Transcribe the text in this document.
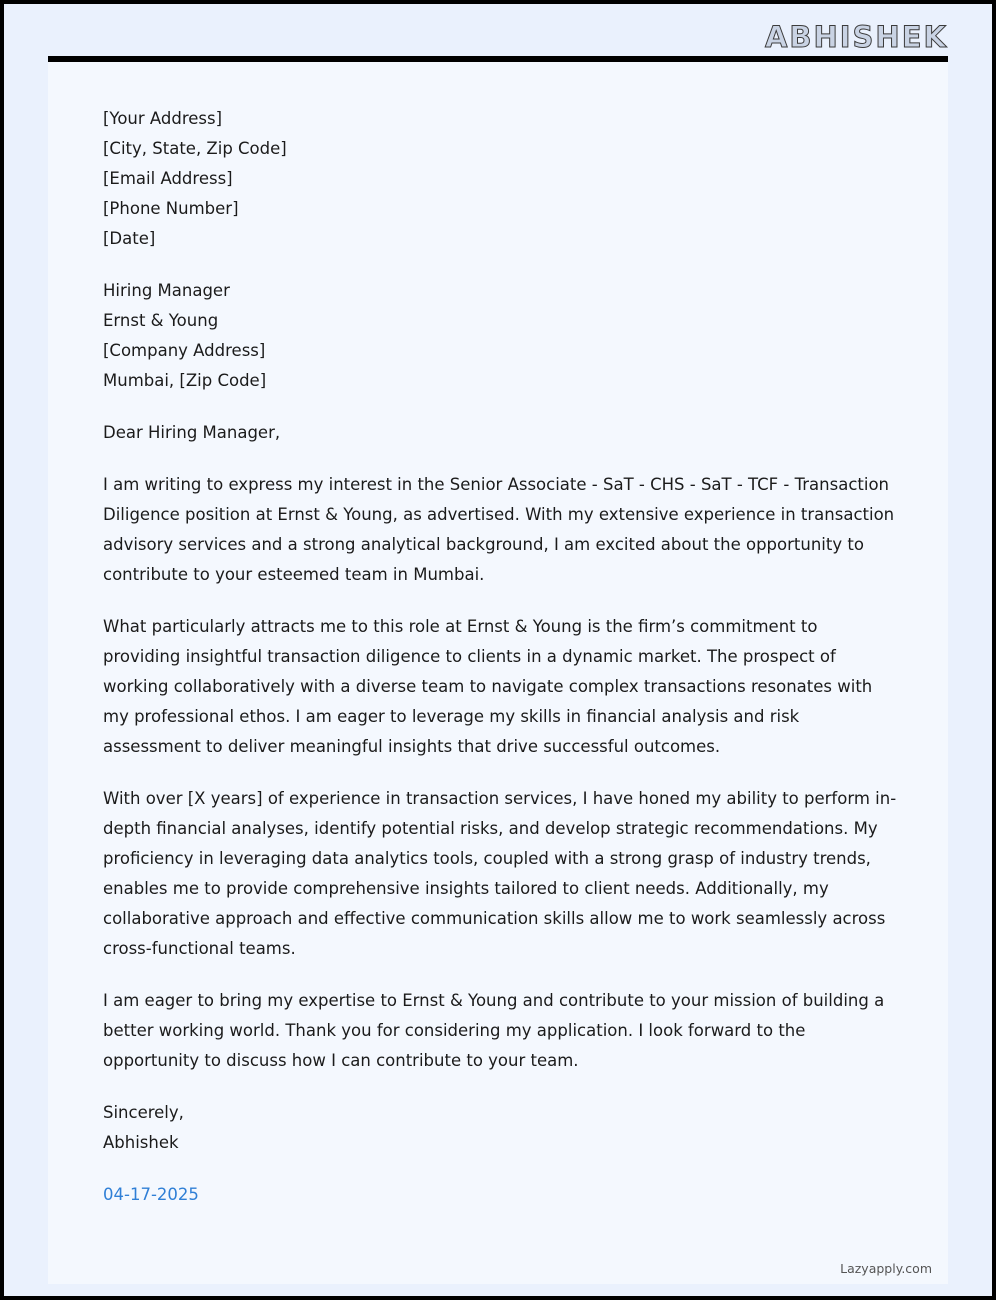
ABHISHEK
[Your Address]
[City, State, Zip Code]
[Email Address]
[Phone Number]
[Date]
Hiring Manager
Ernst & Young
[Company Address]
Mumbai, [Zip Code]

Dear Hiring Manager,

I am writing to express my interest in the Senior Associate - SaT - CHS - SaT - TCF - Transaction Diligence position at Ernst & Young, as advertised. With my extensive experience in transaction advisory services and a strong analytical background, I am excited about the opportunity to contribute to your esteemed team in Mumbai.

What particularly attracts me to this role at Ernst & Young is the firm’s commitment to providing insightful transaction diligence to clients in a dynamic market. The prospect of working collaboratively with a diverse team to navigate complex transactions resonates with my professional ethos. I am eager to leverage my skills in financial analysis and risk assessment to deliver meaningful insights that drive successful outcomes.

With over [X years] of experience in transaction services, I have honed my ability to perform in-depth financial analyses, identify potential risks, and develop strategic recommendations. My proficiency in leveraging data analytics tools, coupled with a strong grasp of industry trends, enables me to provide comprehensive insights tailored to client needs. Additionally, my collaborative approach and effective communication skills allow me to work seamlessly across cross-functional teams.

I am eager to bring my expertise to Ernst & Young and contribute to your mission of building a better working world. Thank you for considering my application. I look forward to the opportunity to discuss how I can contribute to your team.

Sincerely,
Abhishek
04-17-2025
Lazyapply.com
